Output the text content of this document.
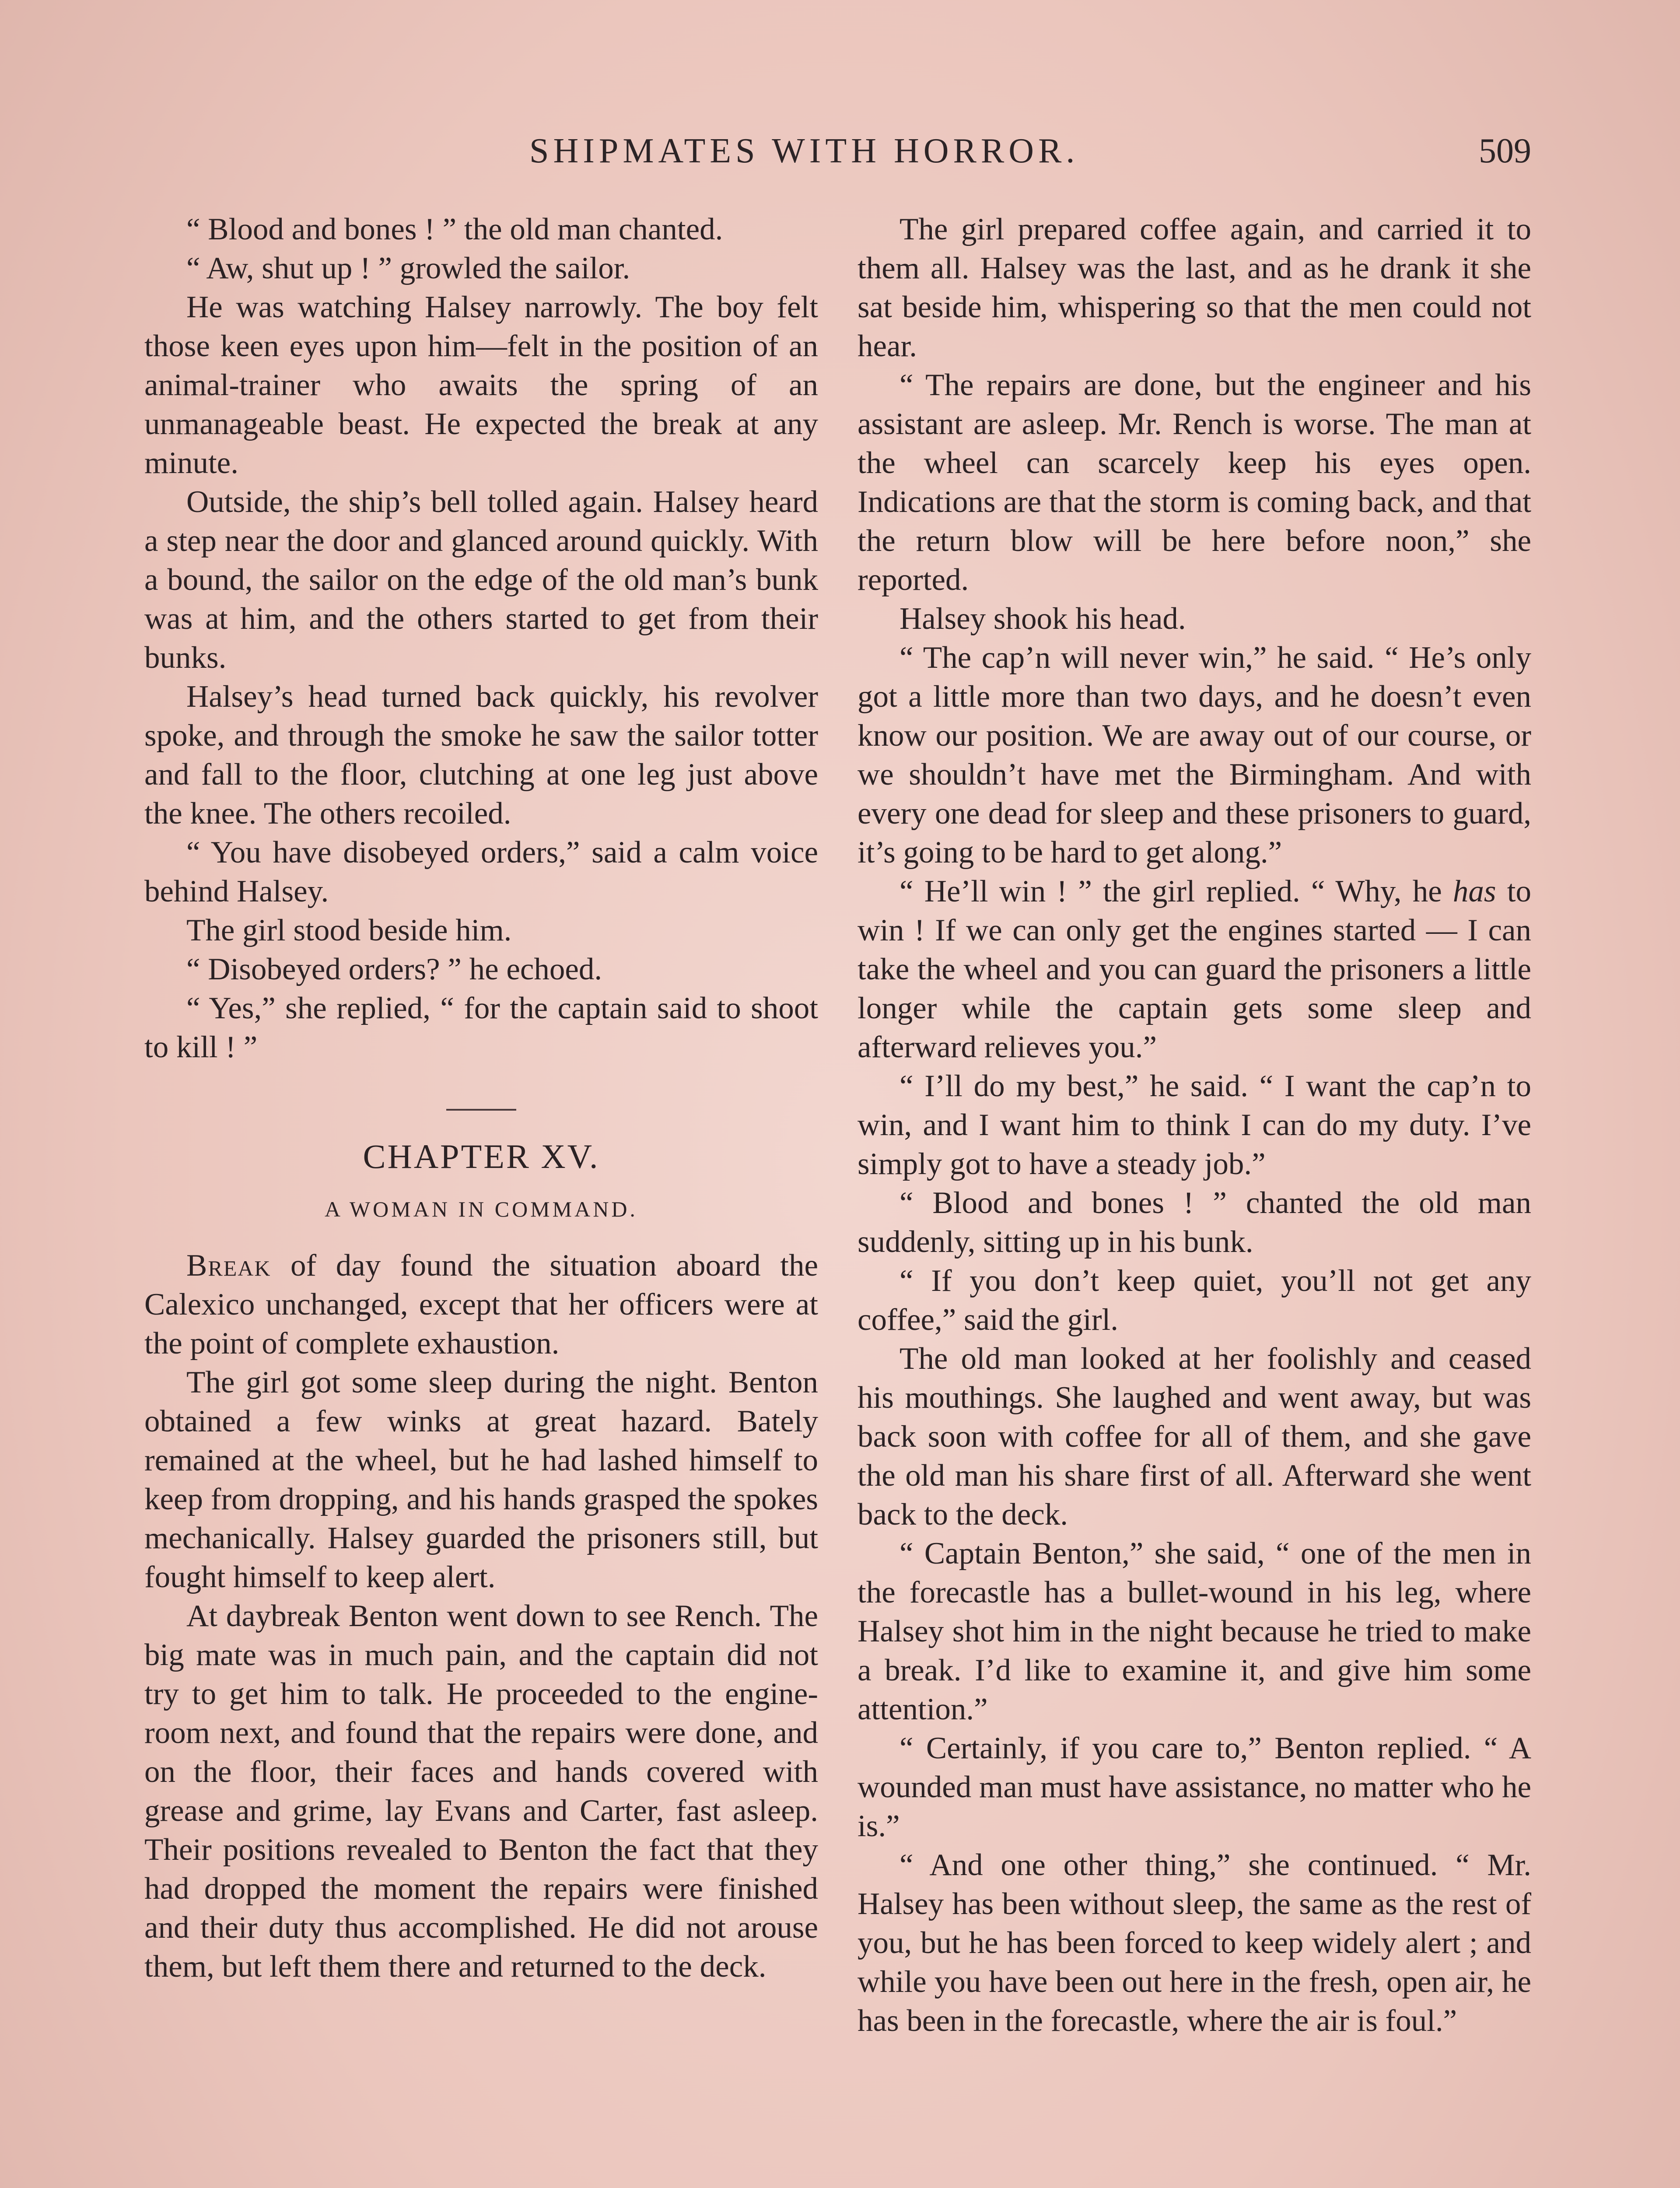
SHIPMATES WITH HORROR.	509

“ Blood and bones ! ” the old man chanted.

“ Aw, shut up ! ” growled the sailor.

He was watching Halsey narrowly. The boy felt those keen eyes upon him—felt in the position of an animal-trainer who awaits the spring of an unmanageable beast. He expected the break at any minute.

Outside, the ship’s bell tolled again. Halsey heard a step near the door and glanced around quickly. With a bound, the sailor on the edge of the old man’s bunk was at him, and the others started to get from their bunks.

Halsey’s head turned back quickly, his revolver spoke, and through the smoke he saw the sailor totter and fall to the floor, clutching at one leg just above the knee. The others recoiled.

“ You have disobeyed orders,” said a calm voice behind Halsey.

The girl stood beside him.

“ Disobeyed orders? ” he echoed.

“ Yes,” she replied, “ for the captain said to shoot to kill ! ”

CHAPTER XV.
A WOMAN IN COMMAND.

Break of day found the situation aboard the Calexico unchanged, except that her officers were at the point of complete exhaustion.

The girl got some sleep during the night. Benton obtained a few winks at great hazard. Bately remained at the wheel, but he had lashed himself to keep from dropping, and his hands grasped the spokes mechanically. Halsey guarded the prisoners still, but fought himself to keep alert.

At daybreak Benton went down to see Rench. The big mate was in much pain, and the captain did not try to get him to talk. He proceeded to the engine-room next, and found that the repairs were done, and on the floor, their faces and hands covered with grease and grime, lay Evans and Carter, fast asleep. Their positions revealed to Benton the fact that they had dropped the moment the repairs were finished and their duty thus accomplished. He did not arouse them, but left them there and returned to the deck.

The girl prepared coffee again, and carried it to them all. Halsey was the last, and as he drank it she sat beside him, whispering so that the men could not hear.

“ The repairs are done, but the engineer and his assistant are asleep. Mr. Rench is worse. The man at the wheel can scarcely keep his eyes open. Indications are that the storm is coming back, and that the return blow will be here before noon,” she reported.

Halsey shook his head.

“ The cap’n will never win,” he said. “ He’s only got a little more than two days, and he doesn’t even know our position. We are away out of our course, or we shouldn’t have met the Birmingham. And with every one dead for sleep and these prisoners to guard, it’s going to be hard to get along.”

“ He’ll win ! ” the girl replied. “ Why, he has to win ! If we can only get the engines started — I can take the wheel and you can guard the prisoners a little longer while the captain gets some sleep and afterward relieves you.”

“ I’ll do my best,” he said. “ I want the cap’n to win, and I want him to think I can do my duty. I’ve simply got to have a steady job.”

“ Blood and bones ! ” chanted the old man suddenly, sitting up in his bunk.

“ If you don’t keep quiet, you’ll not get any coffee,” said the girl.

The old man looked at her foolishly and ceased his mouthings. She laughed and went away, but was back soon with coffee for all of them, and she gave the old man his share first of all. Afterward she went back to the deck.

“ Captain Benton,” she said, “ one of the men in the forecastle has a bullet-wound in his leg, where Halsey shot him in the night because he tried to make a break. I’d like to examine it, and give him some attention.”

“ Certainly, if you care to,” Benton replied. “ A wounded man must have assistance, no matter who he is.”

“ And one other thing,” she continued. “ Mr. Halsey has been without sleep, the same as the rest of you, but he has been forced to keep widely alert ; and while you have been out here in the fresh, open air, he has been in the forecastle, where the air is foul.”
